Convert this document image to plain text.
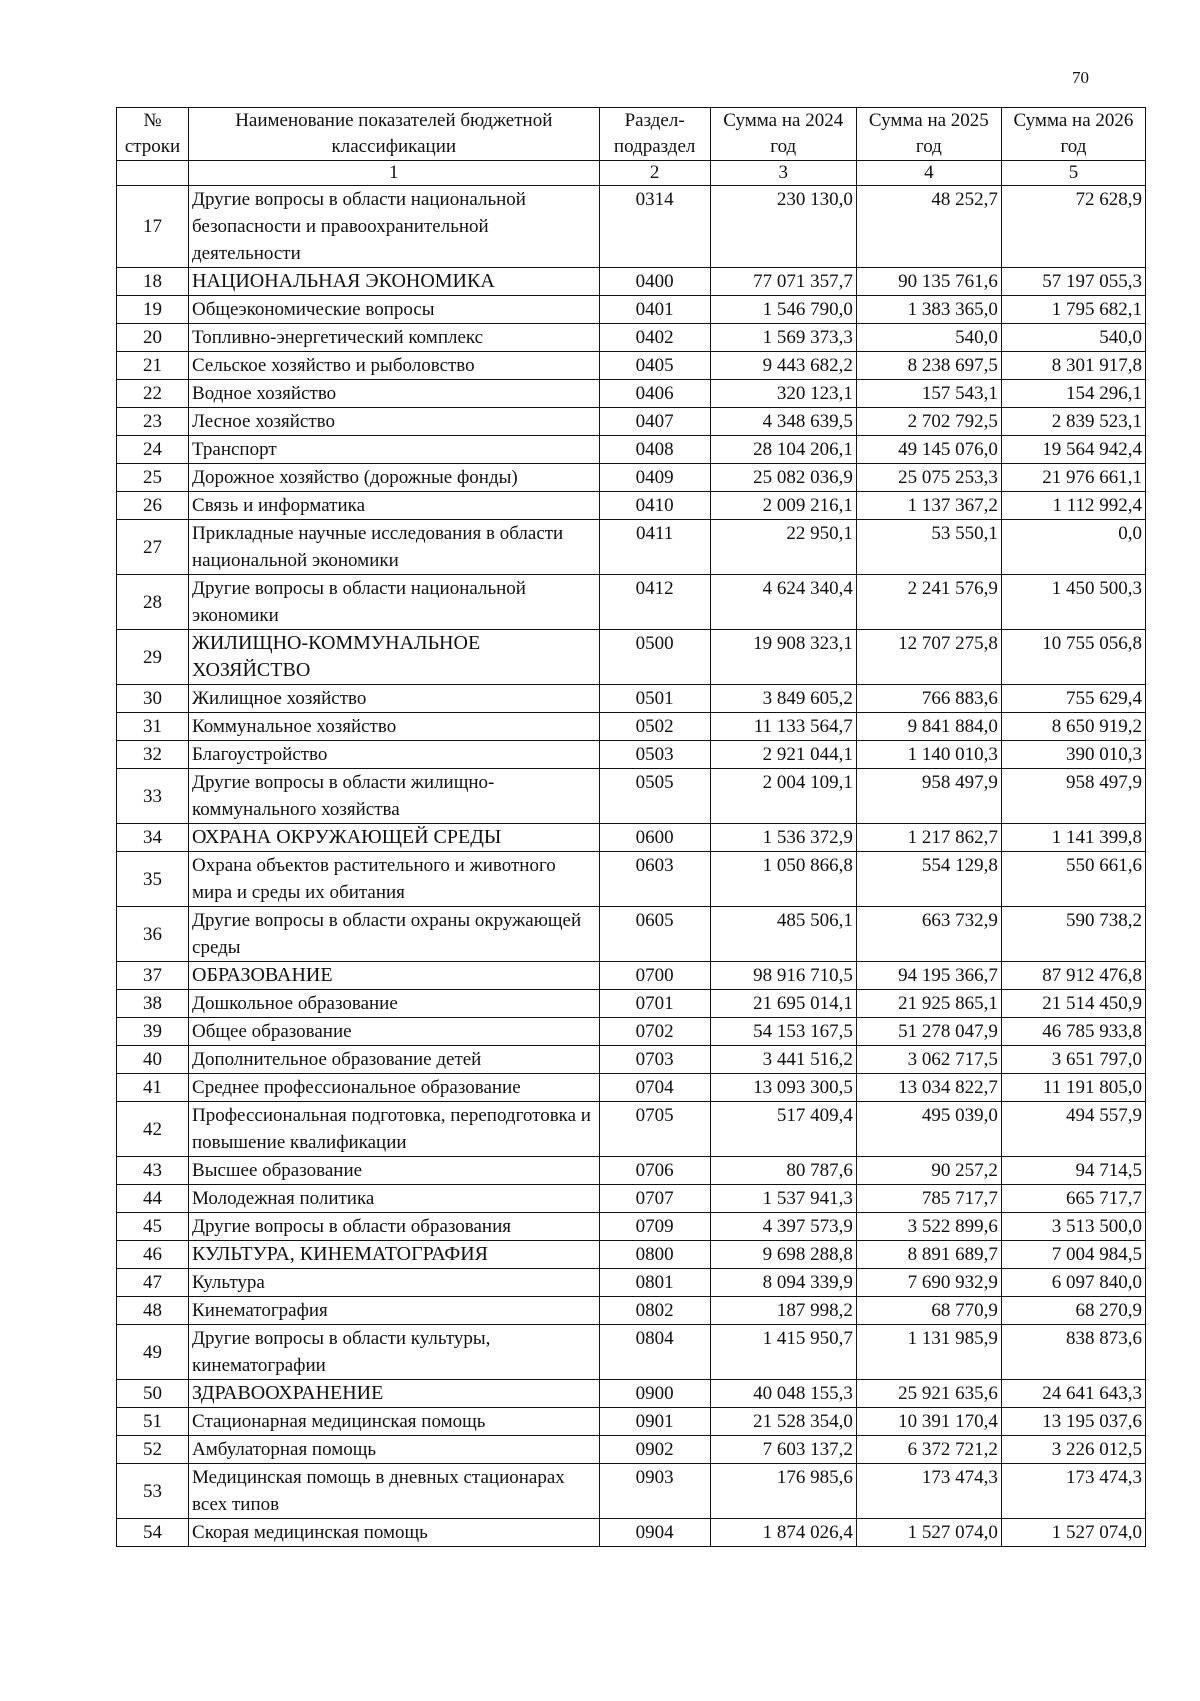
70
№ строки	Наименование показателей бюджетной классификации	Раздел-подраздел	Сумма на 2024 год	Сумма на 2025 год	Сумма на 2026 год
	1	2	3	4	5
17	Другие вопросы в области национальной безопасности и правоохранительной деятельности	0314	230 130,0	48 252,7	72 628,9
18	НАЦИОНАЛЬНАЯ ЭКОНОМИКА	0400	77 071 357,7	90 135 761,6	57 197 055,3
19	Общеэкономические вопросы	0401	1 546 790,0	1 383 365,0	1 795 682,1
20	Топливно-энергетический комплекс	0402	1 569 373,3	540,0	540,0
21	Сельское хозяйство и рыболовство	0405	9 443 682,2	8 238 697,5	8 301 917,8
22	Водное хозяйство	0406	320 123,1	157 543,1	154 296,1
23	Лесное хозяйство	0407	4 348 639,5	2 702 792,5	2 839 523,1
24	Транспорт	0408	28 104 206,1	49 145 076,0	19 564 942,4
25	Дорожное хозяйство (дорожные фонды)	0409	25 082 036,9	25 075 253,3	21 976 661,1
26	Связь и информатика	0410	2 009 216,1	1 137 367,2	1 112 992,4
27	Прикладные научные исследования в области национальной экономики	0411	22 950,1	53 550,1	0,0
28	Другие вопросы в области национальной экономики	0412	4 624 340,4	2 241 576,9	1 450 500,3
29	ЖИЛИЩНО-КОММУНАЛЬНОЕ ХОЗЯЙСТВО	0500	19 908 323,1	12 707 275,8	10 755 056,8
30	Жилищное хозяйство	0501	3 849 605,2	766 883,6	755 629,4
31	Коммунальное хозяйство	0502	11 133 564,7	9 841 884,0	8 650 919,2
32	Благоустройство	0503	2 921 044,1	1 140 010,3	390 010,3
33	Другие вопросы в области жилищно-коммунального хозяйства	0505	2 004 109,1	958 497,9	958 497,9
34	ОХРАНА ОКРУЖАЮЩЕЙ СРЕДЫ	0600	1 536 372,9	1 217 862,7	1 141 399,8
35	Охрана объектов растительного и животного мира и среды их обитания	0603	1 050 866,8	554 129,8	550 661,6
36	Другие вопросы в области охраны окружающей среды	0605	485 506,1	663 732,9	590 738,2
37	ОБРАЗОВАНИЕ	0700	98 916 710,5	94 195 366,7	87 912 476,8
38	Дошкольное образование	0701	21 695 014,1	21 925 865,1	21 514 450,9
39	Общее образование	0702	54 153 167,5	51 278 047,9	46 785 933,8
40	Дополнительное образование детей	0703	3 441 516,2	3 062 717,5	3 651 797,0
41	Среднее профессиональное образование	0704	13 093 300,5	13 034 822,7	11 191 805,0
42	Профессиональная подготовка, переподготовка и повышение квалификации	0705	517 409,4	495 039,0	494 557,9
43	Высшее образование	0706	80 787,6	90 257,2	94 714,5
44	Молодежная политика	0707	1 537 941,3	785 717,7	665 717,7
45	Другие вопросы в области образования	0709	4 397 573,9	3 522 899,6	3 513 500,0
46	КУЛЬТУРА, КИНЕМАТОГРАФИЯ	0800	9 698 288,8	8 891 689,7	7 004 984,5
47	Культура	0801	8 094 339,9	7 690 932,9	6 097 840,0
48	Кинематография	0802	187 998,2	68 770,9	68 270,9
49	Другие вопросы в области культуры, кинематографии	0804	1 415 950,7	1 131 985,9	838 873,6
50	ЗДРАВООХРАНЕНИЕ	0900	40 048 155,3	25 921 635,6	24 641 643,3
51	Стационарная медицинская помощь	0901	21 528 354,0	10 391 170,4	13 195 037,6
52	Амбулаторная помощь	0902	7 603 137,2	6 372 721,2	3 226 012,5
53	Медицинская помощь в дневных стационарах всех типов	0903	176 985,6	173 474,3	173 474,3
54	Скорая медицинская помощь	0904	1 874 026,4	1 527 074,0	1 527 074,0
